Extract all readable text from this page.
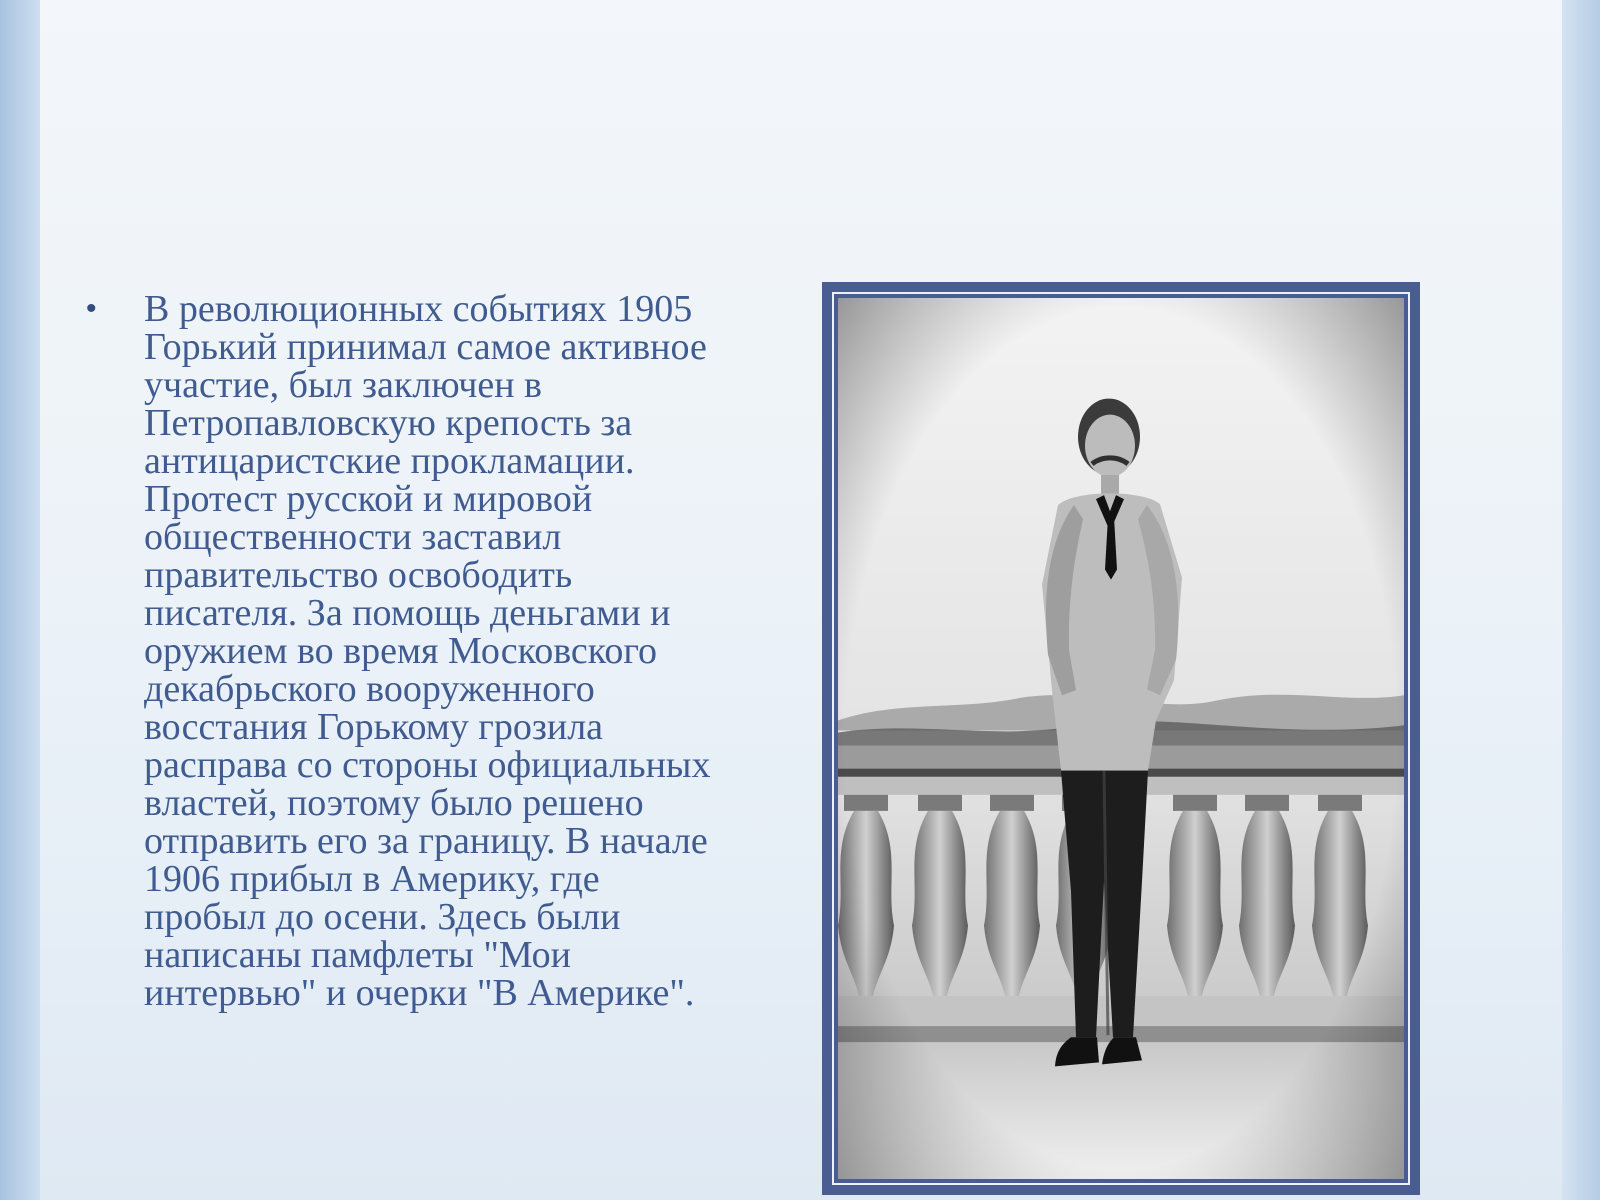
•	В революционных событиях 1905
Горький принимал самое активное
участие, был заключен в
Петропавловскую крепость за
антицаристские прокламации.
Протест русской и мировой
общественности заставил
правительство освободить
писателя. За помощь деньгами и
оружием во время Московского
декабрьского вооруженного
восстания Горькому грозила
расправа со стороны официальных
властей, поэтому было решено
отправить его за границу. В начале
1906 прибыл в Америку, где
пробыл до осени. Здесь были
написаны памфлеты "Мои
интервью" и очерки "В Америке".
